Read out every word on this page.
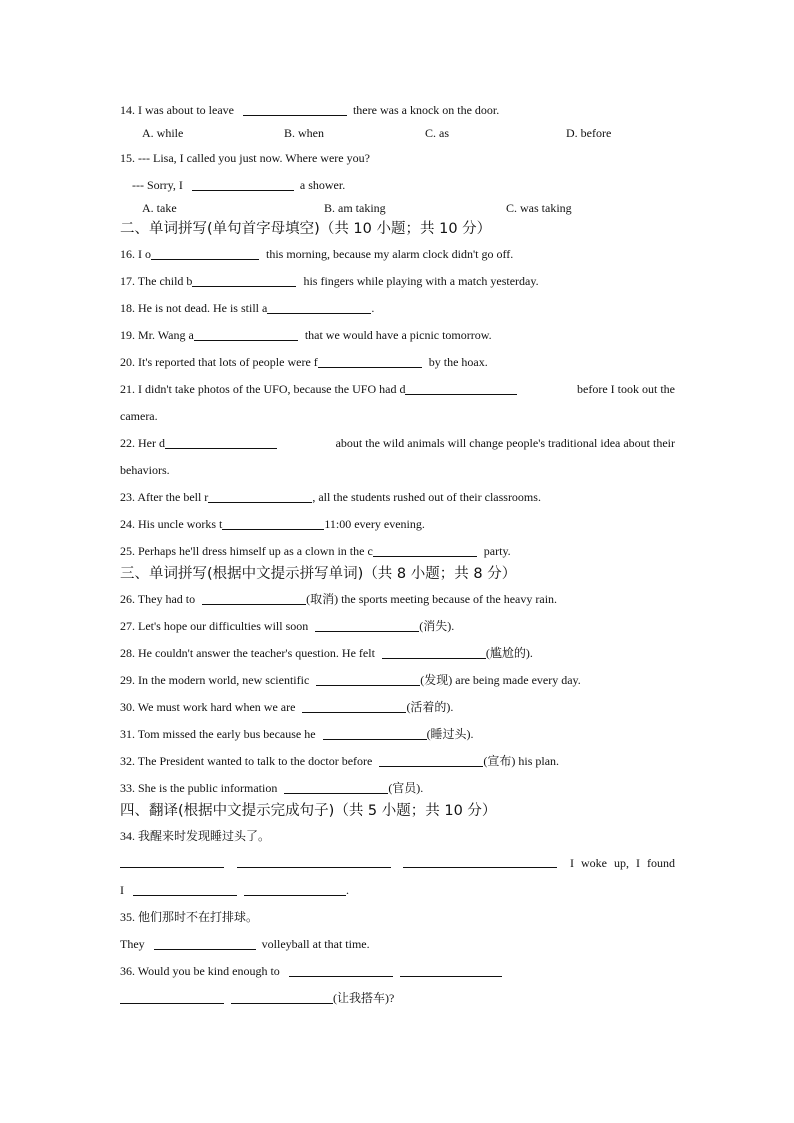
14. I was about to leave	there was a knock on the door.
A. while	B. when	C. as	D. before
15. --- Lisa, I called you just now. Where were you?
--- Sorry, I	a shower.
A. take	B. am taking	C. was taking
二、单词拼写(单句首字母填空)（共 10 小题；共 10 分）
16. I o	this morning, because my alarm clock didn't go off.
17. The child b	his fingers while playing with a match yesterday.
18. He is not dead. He is still a	.
19. Mr. Wang a	that we would have a picnic tomorrow.
20. It's reported that lots of people were f	by the hoax.
21. I didn't take photos of the UFO, because the UFO had d	before I took out the
camera.
22. Her d	about the wild animals will change people's traditional idea about their
behaviors.
23. After the bell r	, all the students rushed out of their classrooms.
24. His uncle works t	11:00 every evening.
25. Perhaps he'll dress himself up as a clown in the c	party.
三、单词拼写(根据中文提示拼写单词)（共 8 小题；共 8 分）
26. They had to	(取消) the sports meeting because of the heavy rain.
27. Let's hope our difficulties will soon	(消失).
28. He couldn't answer the teacher's question. He felt	(尴尬的).
29. In the modern world, new scientific	(发现) are being made every day.
30. We must work hard when we are	(活着的).
31. Tom missed the early bus because he	(睡过头).
32. The President wanted to talk to the doctor before	(宣布) his plan.
33. She is the public information	(官员).
四、翻译(根据中文提示完成句子)（共 5 小题；共 10 分）
34. 我醒来时发现睡过头了。
I woke up, I found
I	.
35. 他们那时不在打排球。
They	volleyball at that time.
36. Would you be kind enough to
(让我搭车)?
